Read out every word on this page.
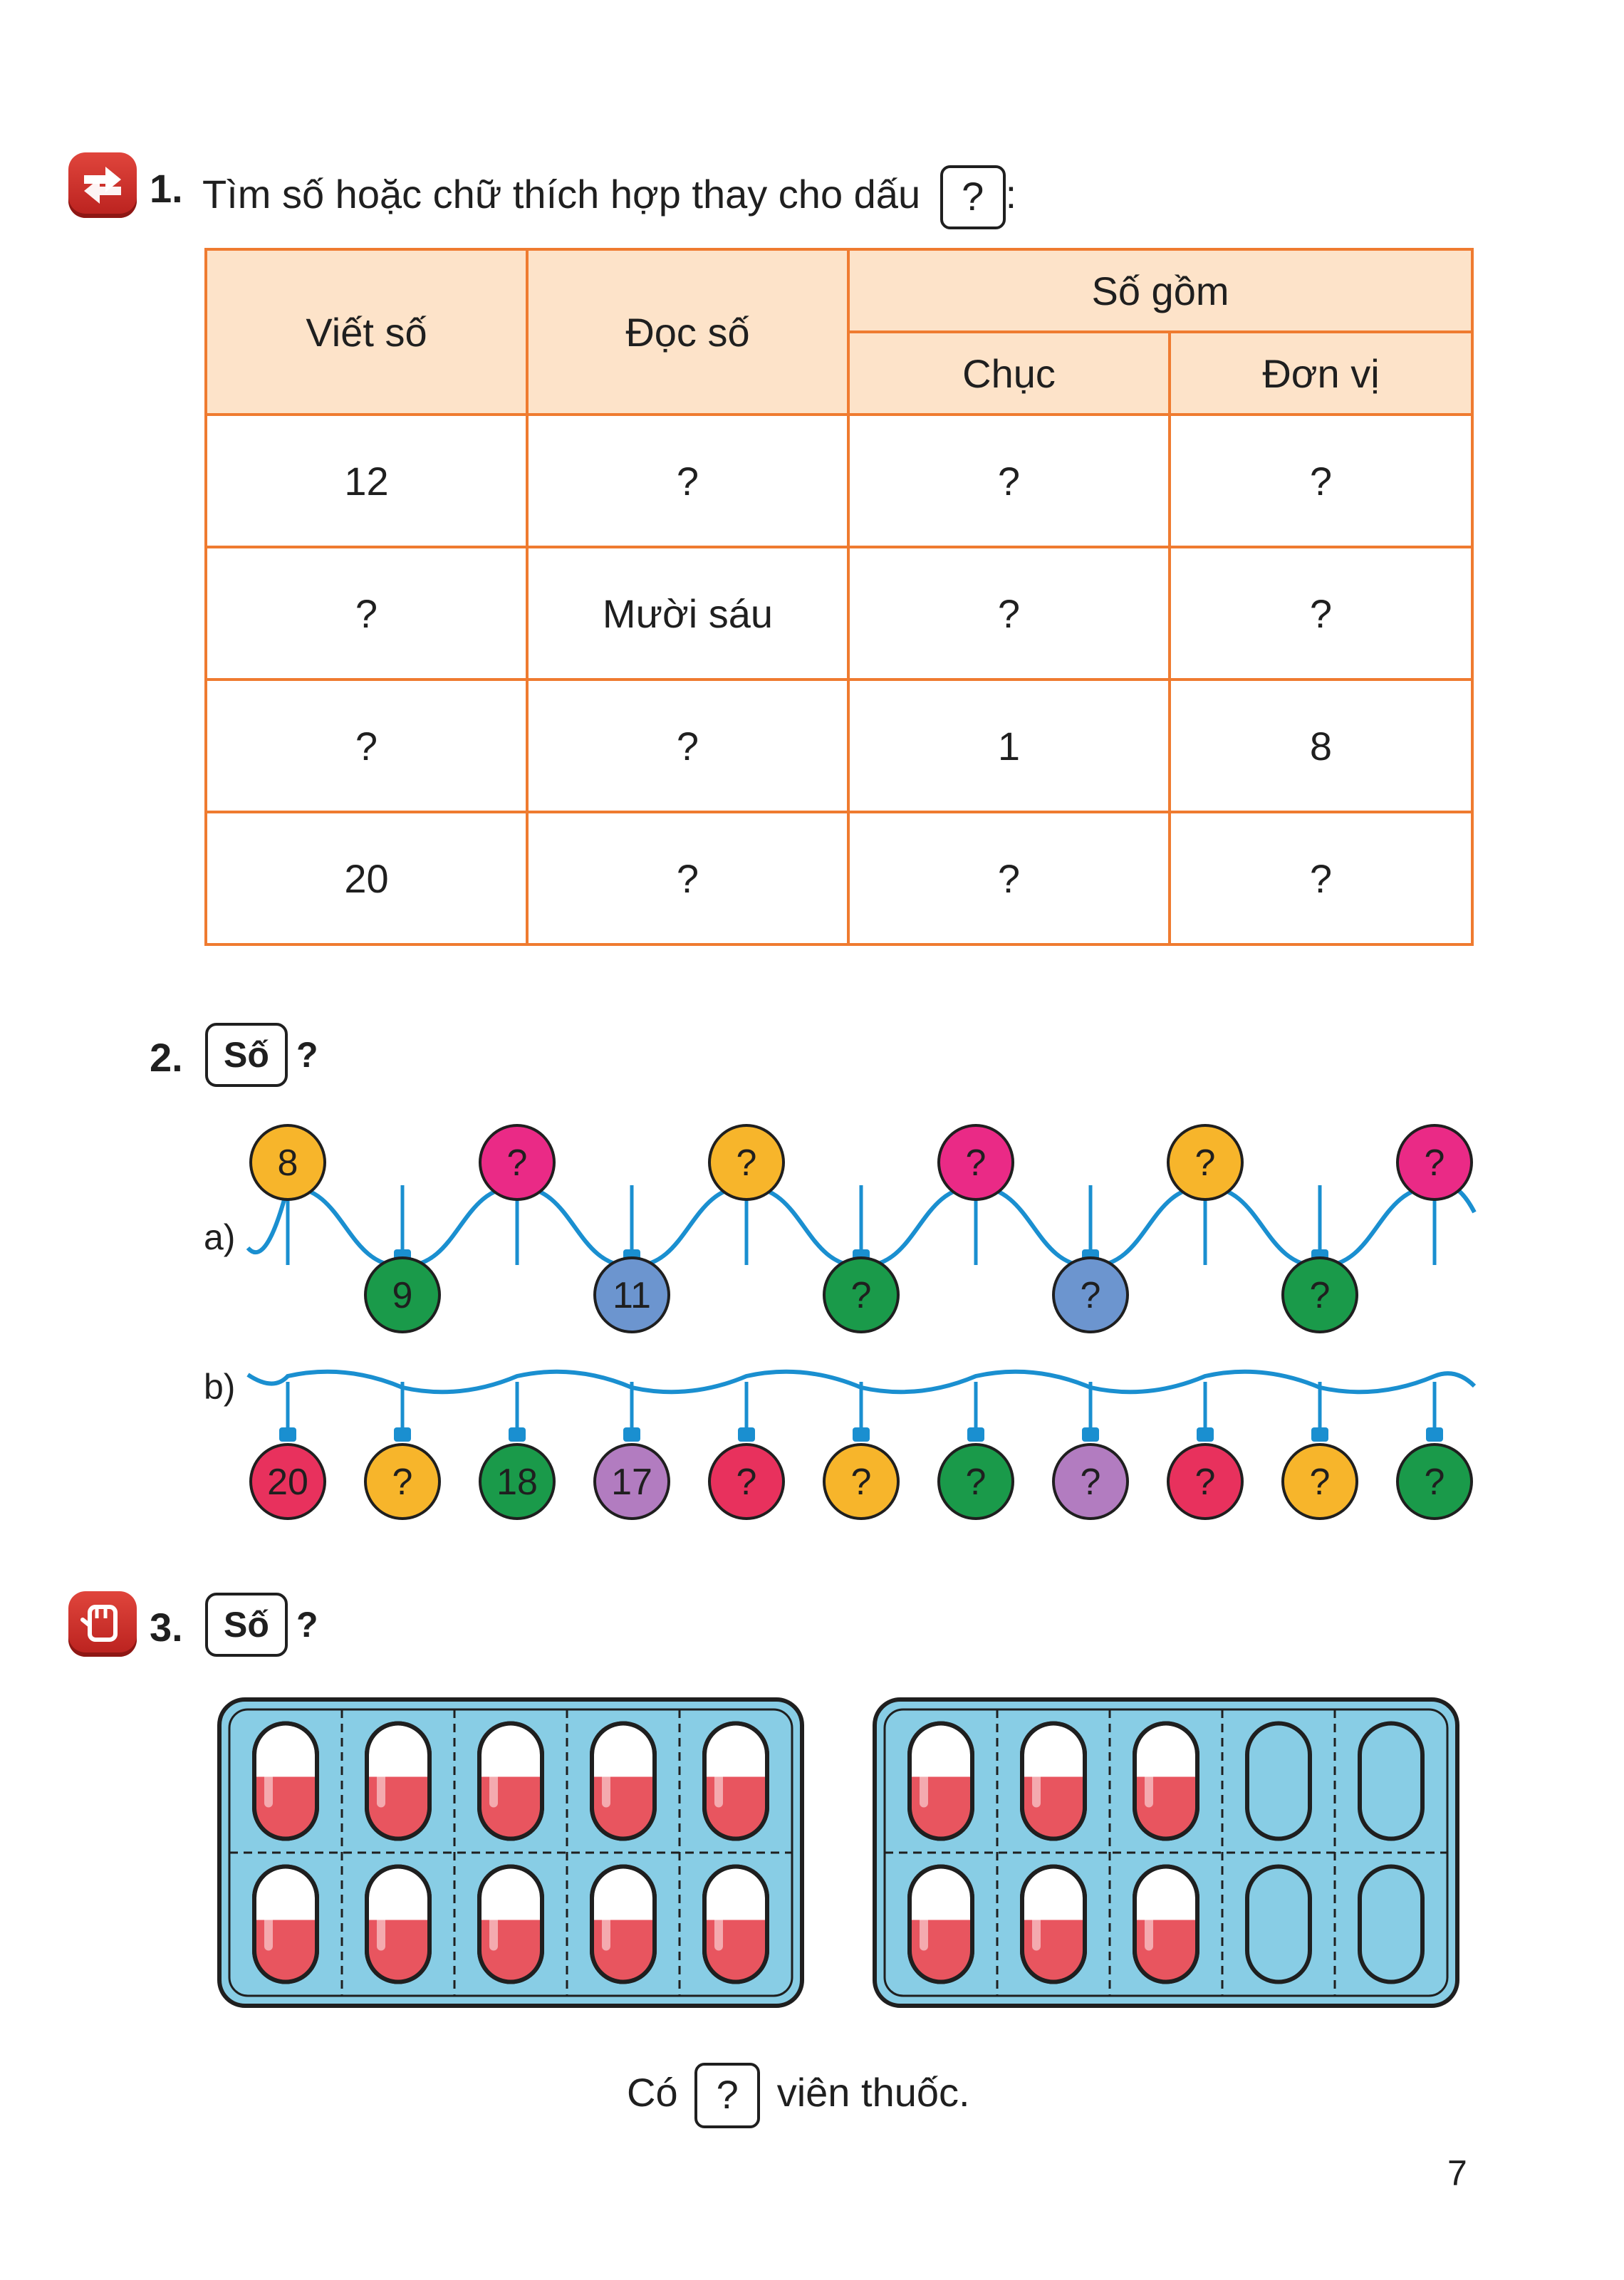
1. Tìm số hoặc chữ thích hợp thay cho dấu ? :
Viết số	Đọc số	Số gồm	
		Chục	Đơn vị
12	?	?	?
?	Mười sáu	?	?
?	?	1	8
20	?	?	?
2.	Số ?
a)
b)
8	?	?	?	?	?
9	11	?	?	?
20 ? 18 17 ?	?	?	?	?	?	?
3.	Số ?
Có ? viên thuốc.
7
